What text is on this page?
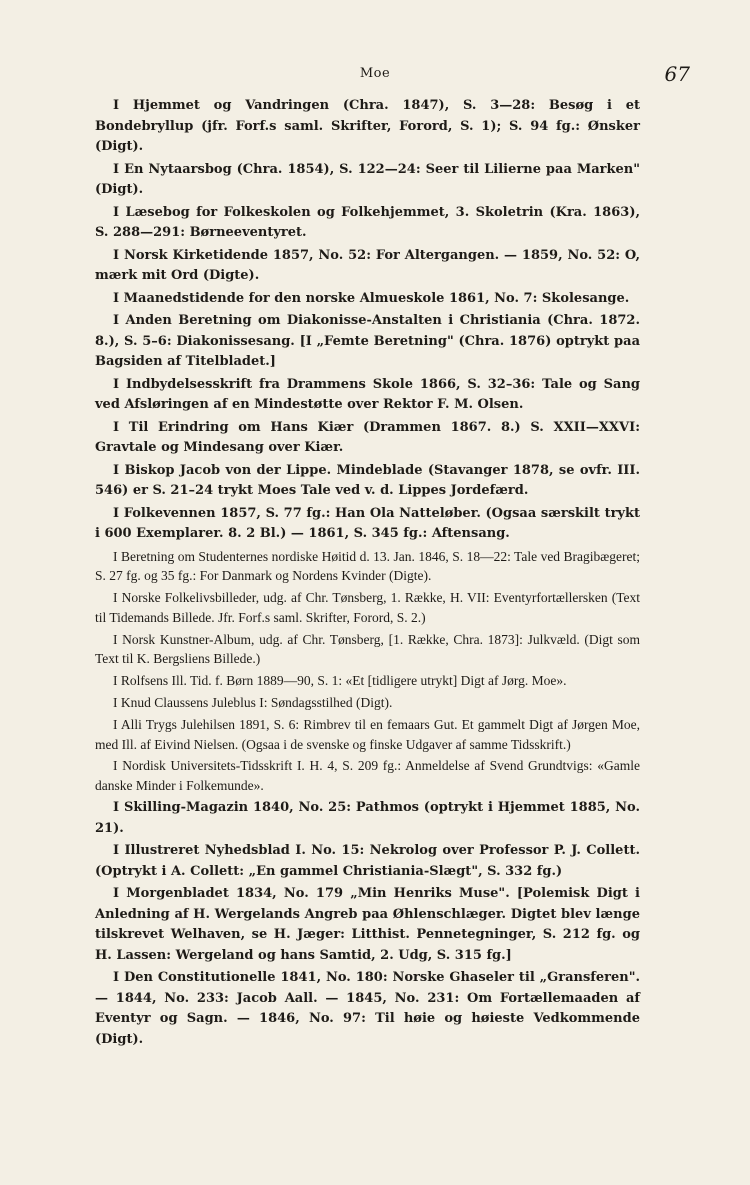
Moe	67

I Hjemmet og Vandringen (Chra. 1847), S. 3—28: Besøg i et Bondebryllup (jfr. Forf.s saml. Skrifter, Forord, S. 1); S. 94 fg.: Ønsker (Digt).

I En Nytaarsbog (Chra. 1854), S. 122—24: Seer til Lilierne paa Marken" (Digt).

I Læsebog for Folkeskolen og Folkehjemmet, 3. Skoletrin (Kra. 1863), S. 288—291: Børneeventyret.

I Norsk Kirketidende 1857, No. 52: For Altergangen. — 1859, No. 52: O, mærk mit Ord (Digte).

I Maanedstidende for den norske Almueskole 1861, No. 7: Skolesange.

I Anden Beretning om Diakonisse-Anstalten i Christiania (Chra. 1872. 8.), S. 5–6: Diakonissesang. [I „Femte Beretning" (Chra. 1876) optrykt paa Bagsiden af Titelbladet.]

I Indbydelsesskrift fra Drammens Skole 1866, S. 32–36: Tale og Sang ved Afsløringen af en Mindestøtte over Rektor F. M. Olsen.

I Til Erindring om Hans Kiær (Drammen 1867. 8.) S. XXII—XXVI: Gravtale og Mindesang over Kiær.

I Biskop Jacob von der Lippe. Mindeblade (Stavanger 1878, se ovfr. III. 546) er S. 21–24 trykt Moes Tale ved v. d. Lippes Jordefærd.

I Folkevennen 1857, S. 77 fg.: Han Ola Natteløber. (Ogsaa særskilt trykt i 600 Exemplarer. 8. 2 Bl.) — 1861, S. 345 fg.: Aftensang.

I Beretning om Studenternes nordiske Høitid d. 13. Jan. 1846, S. 18—22: Tale ved Bragibægeret; S. 27 fg. og 35 fg.: For Danmark og Nordens Kvinder (Digte).

I Norske Folkelivsbilleder, udg. af Chr. Tønsberg, 1. Række, H. VII: Eventyrfortællersken (Text til Tidemands Billede. Jfr. Forf.s saml. Skrifter, Forord, S. 2.)

I Norsk Kunstner-Album, udg. af Chr. Tønsberg, [1. Række, Chra. 1873]: Julkvæld. (Digt som Text til K. Bergsliens Billede.)

I Rolfsens Ill. Tid. f. Børn 1889—90, S. 1: «Et [tidligere utrykt] Digt af Jørg. Moe».

I Knud Claussens Juleblus I: Søndagsstilhed (Digt).

I Alli Trygs Julehilsen 1891, S. 6: Rimbrev til en femaars Gut. Et gammelt Digt af Jørgen Moe, med Ill. af Eivind Nielsen. (Ogsaa i de svenske og finske Udgaver af samme Tidsskrift.)

I Nordisk Universitets-Tidsskrift I. H. 4, S. 209 fg.: Anmeldelse af Svend Grundtvigs: «Gamle danske Minder i Folkemunde».

I Skilling-Magazin 1840, No. 25: Pathmos (optrykt i Hjemmet 1885, No. 21).

I Illustreret Nyhedsblad I. No. 15: Nekrolog over Professor P. J. Collett. (Optrykt i A. Collett: „En gammel Christiania-Slægt", S. 332 fg.)

I Morgenbladet 1834, No. 179 „Min Henriks Muse". [Polemisk Digt i Anledning af H. Wergelands Angreb paa Øhlenschlæger. Digtet blev længe tilskrevet Welhaven, se H. Jæger: Litthist. Pennetegninger, S. 212 fg. og H. Lassen: Wergeland og hans Samtid, 2. Udg, S. 315 fg.]

I Den Constitutionelle 1841, No. 180: Norske Ghaseler til „Gransferen". — 1844, No. 233: Jacob Aall. — 1845, No. 231: Om Fortællemaaden af Eventyr og Sagn. — 1846, No. 97: Til høie og høieste Vedkommende (Digt).
